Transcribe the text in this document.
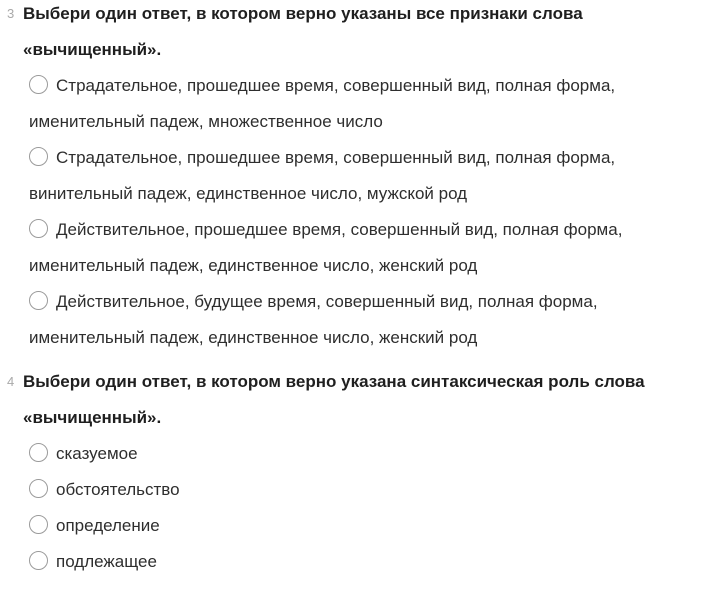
3 Выбери один ответ, в котором верно указаны все признаки слова «вычищенный».
Страдательное, прошедшее время, совершенный вид, полная форма, именительный падеж, множественное число
Страдательное, прошедшее время, совершенный вид, полная форма, винительный падеж, единственное число, мужской род
Действительное, прошедшее время, совершенный вид, полная форма, именительный падеж, единственное число, женский род
Действительное, будущее время, совершенный вид, полная форма, именительный падеж, единственное число, женский род
4 Выбери один ответ, в котором верно указана синтаксическая роль слова «вычищенный».
сказуемое
обстоятельство
определение
подлежащее
